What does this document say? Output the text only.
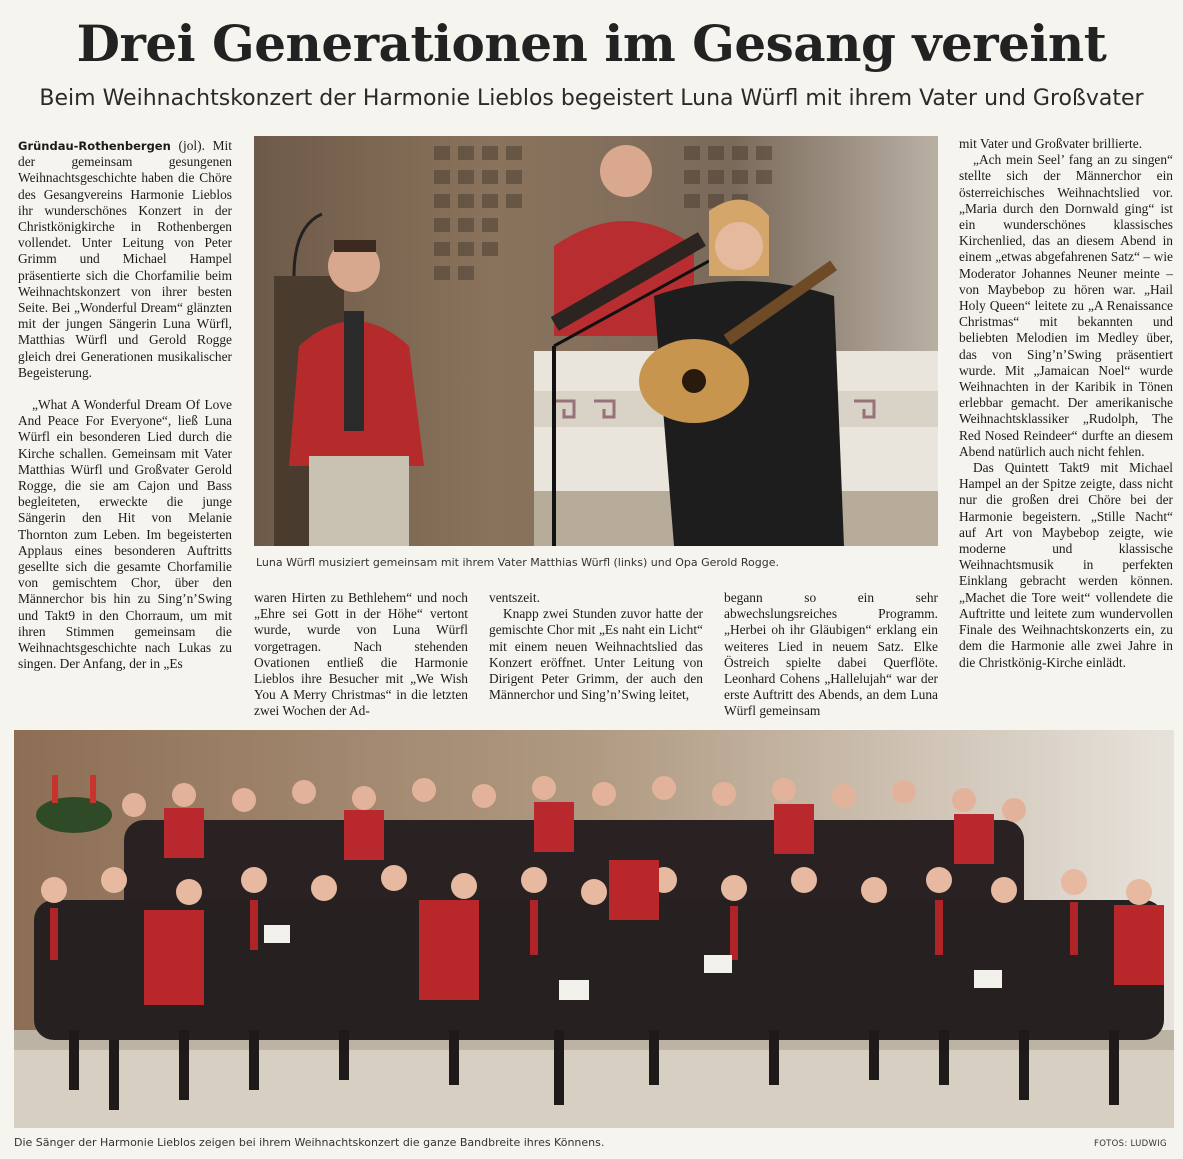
Drei Generationen im Gesang vereint
Beim Weihnachtskonzert der Harmonie Lieblos begeistert Luna Würfl mit ihrem Vater und Großvater

Gründau-Rothenbergen (jol). Mit der gemeinsam gesungenen Weihnachtsgeschichte haben die Chöre des Gesangvereins Harmonie Lieblos ihr wunderschönes Konzert in der Christkönigkirche in Rothenbergen vollendet. Unter Leitung von Peter Grimm und Michael Hampel präsentierte sich die Chorfamilie beim Weihnachtskonzert von ihrer besten Seite. Bei „Wonderful Dream“ glänzten mit der jungen Sängerin Luna Würfl, Matthias Würfl und Gerold Rogge gleich drei Generationen musikalischer Begeisterung.

„What A Wonderful Dream Of Love And Peace For Everyone“, ließ Luna Würfl ein besonderen Lied durch die Kirche schallen. Gemeinsam mit Vater Matthias Würfl und Großvater Gerold Rogge, die sie am Cajon und Bass begleiteten, erweckte die junge Sängerin den Hit von Melanie Thornton zum Leben. Im begeisterten Applaus eines besonderen Auftritts gesellte sich die gesamte Chorfamilie von gemischtem Chor, über den Männerchor bis hin zu Sing’n’Swing und Takt9 in den Chorraum, um mit ihren Stimmen gemeinsam die Weihnachtsgeschichte nach Lukas zu singen. Der Anfang, der in „Es

Luna Würfl musiziert gemeinsam mit ihrem Vater Matthias Würfl (links) und Opa Gerold Rogge.

waren Hirten zu Bethlehem“ und noch „Ehre sei Gott in der Höhe“ vertont wurde, wurde von Luna Würfl vorgetragen. Nach stehenden Ovationen entließ die Harmonie Lieblos ihre Besucher mit „We Wish You A Merry Christmas“ in die letzten zwei Wochen der Ad-

ventszeit.

Knapp zwei Stunden zuvor hatte der gemischte Chor mit „Es naht ein Licht“ mit einem neuen Weihnachtslied das Konzert eröffnet. Unter Leitung von Dirigent Peter Grimm, der auch den Männerchor und Sing’n’Swing leitet,

begann so ein sehr abwechslungsreiches Programm. „Herbei oh ihr Gläubigen“ erklang ein weiteres Lied in neuem Satz. Elke Östreich spielte dabei Querflöte. Leonhard Cohens „Hallelujah“ war der erste Auftritt des Abends, an dem Luna Würfl gemeinsam

mit Vater und Großvater brillierte.

„Ach mein Seel’ fang an zu singen“ stellte sich der Männerchor ein österreichisches Weihnachtslied vor. „Maria durch den Dornwald ging“ ist ein wunderschönes klassisches Kirchenlied, das an diesem Abend in einem „etwas abgefahrenen Satz“ – wie Moderator Johannes Neuner meinte – von Maybebop zu hören war. „Hail Holy Queen“ leitete zu „A Renaissance Christmas“ mit bekannten und beliebten Melodien im Medley über, das von Sing’n’Swing präsentiert wurde. Mit „Jamaican Noel“ wurde Weihnachten in der Karibik in Tönen erlebbar gemacht. Der amerikanische Weihnachtsklassiker „Rudolph, The Red Nosed Reindeer“ durfte an diesem Abend natürlich auch nicht fehlen.

Das Quintett Takt9 mit Michael Hampel an der Spitze zeigte, dass nicht nur die großen drei Chöre bei der Harmonie begeistern. „Stille Nacht“ auf Art von Maybebop zeigte, wie moderne und klassische Weihnachtsmusik in perfekten Einklang gebracht werden können. „Machet die Tore weit“ vollendete die Auftritte und leitete zum wundervollen Finale des Weihnachtskonzerts ein, zu dem die Harmonie alle zwei Jahre in die Christkönig-Kirche einlädt.

Die Sänger der Harmonie Lieblos zeigen bei ihrem Weihnachtskonzert die ganze Bandbreite ihres Könnens.	FOTOS: LUDWIG
